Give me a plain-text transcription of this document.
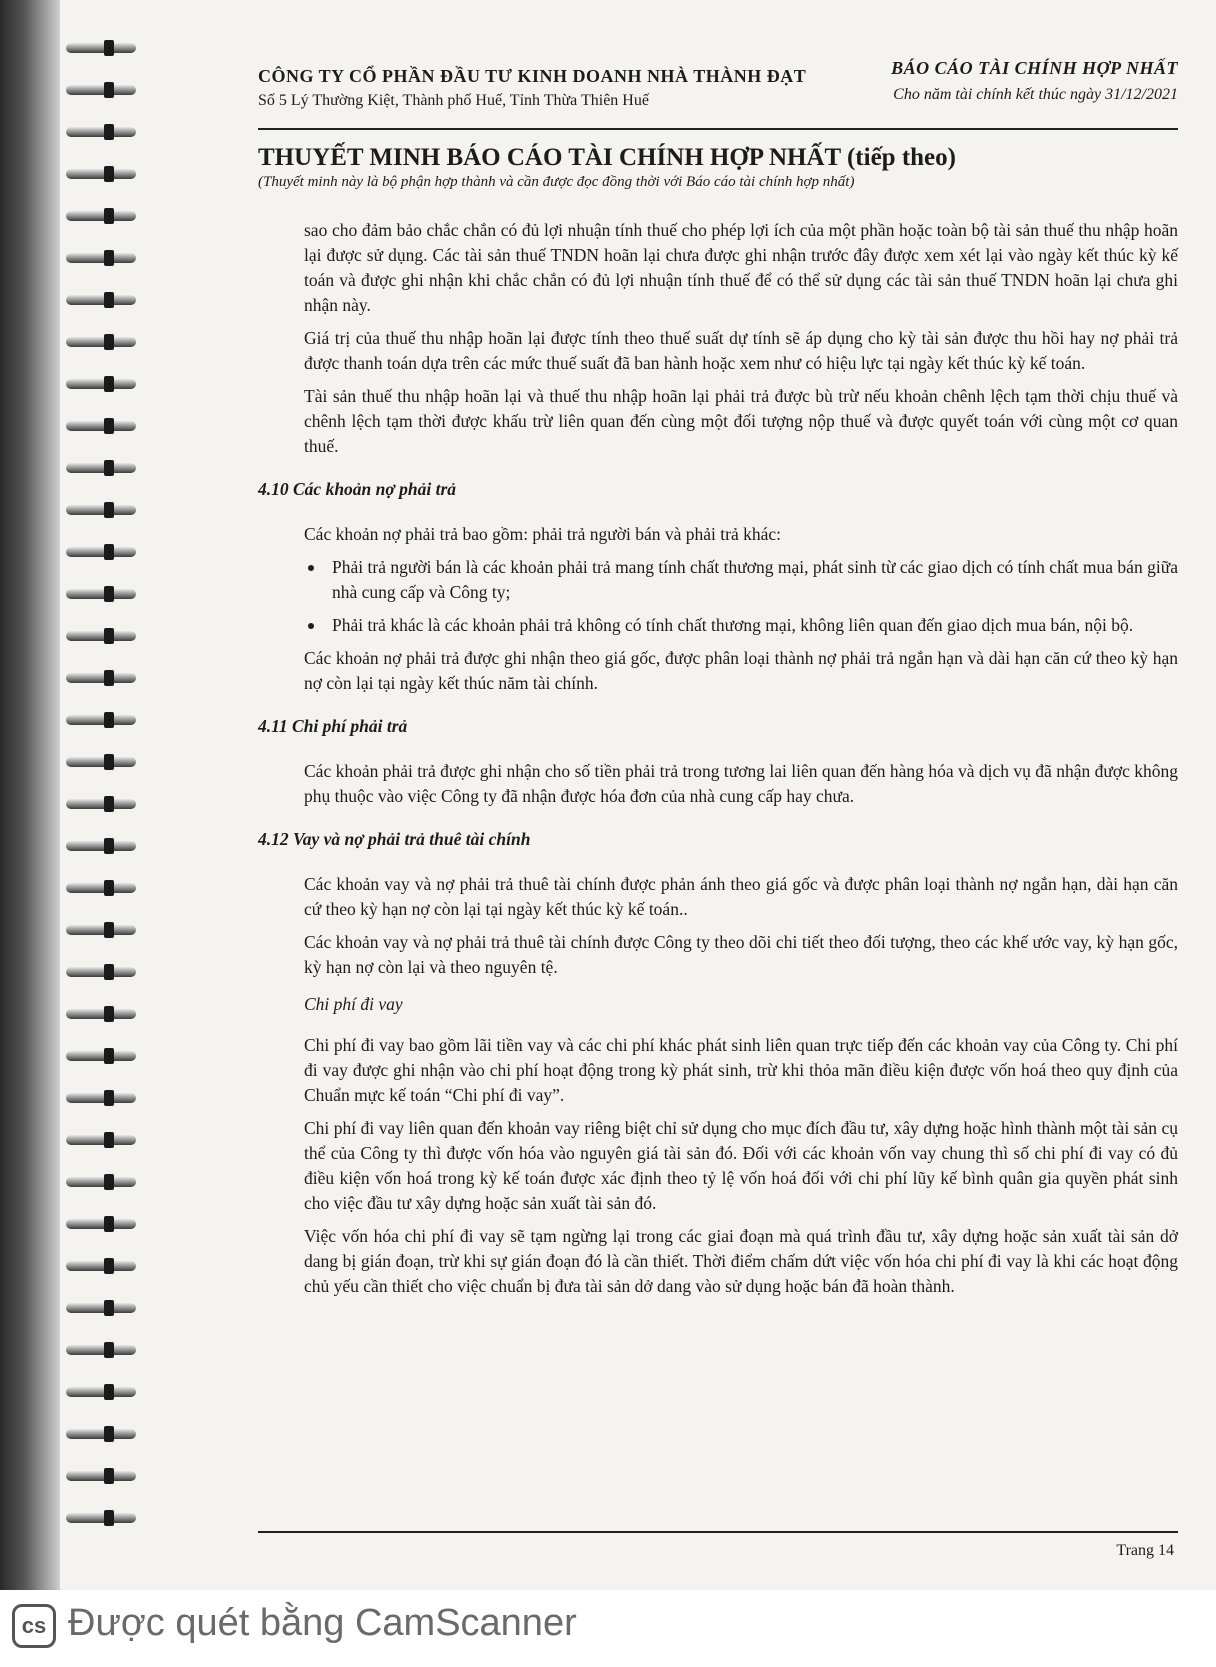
CÔNG TY CỔ PHẦN ĐẦU TƯ KINH DOANH NHÀ THÀNH ĐẠT
Số 5 Lý Thường Kiệt, Thành phố Huế, Tỉnh Thừa Thiên Huế
BÁO CÁO TÀI CHÍNH HỢP NHẤT
Cho năm tài chính kết thúc ngày 31/12/2021
THUYẾT MINH BÁO CÁO TÀI CHÍNH HỢP NHẤT (tiếp theo)
(Thuyết minh này là bộ phận hợp thành và cần được đọc đồng thời với Báo cáo tài chính hợp nhất)

sao cho đảm bảo chắc chắn có đủ lợi nhuận tính thuế cho phép lợi ích của một phần hoặc toàn bộ tài sản thuế thu nhập hoãn lại được sử dụng. Các tài sản thuế TNDN hoãn lại chưa được ghi nhận trước đây được xem xét lại vào ngày kết thúc kỳ kế toán và được ghi nhận khi chắc chắn có đủ lợi nhuận tính thuế để có thể sử dụng các tài sản thuế TNDN hoãn lại chưa ghi nhận này.

Giá trị của thuế thu nhập hoãn lại được tính theo thuế suất dự tính sẽ áp dụng cho kỳ tài sản được thu hồi hay nợ phải trả được thanh toán dựa trên các mức thuế suất đã ban hành hoặc xem như có hiệu lực tại ngày kết thúc kỳ kế toán.

Tài sản thuế thu nhập hoãn lại và thuế thu nhập hoãn lại phải trả được bù trừ nếu khoản chênh lệch tạm thời chịu thuế và chênh lệch tạm thời được khấu trừ liên quan đến cùng một đối tượng nộp thuế và được quyết toán với cùng một cơ quan thuế.

4.10 Các khoản nợ phải trả

Các khoản nợ phải trả bao gồm: phải trả người bán và phải trả khác:

Phải trả người bán là các khoản phải trả mang tính chất thương mại, phát sinh từ các giao dịch có tính chất mua bán giữa nhà cung cấp và Công ty;
Phải trả khác là các khoản phải trả không có tính chất thương mại, không liên quan đến giao dịch mua bán, nội bộ.

Các khoản nợ phải trả được ghi nhận theo giá gốc, được phân loại thành nợ phải trả ngắn hạn và dài hạn căn cứ theo kỳ hạn nợ còn lại tại ngày kết thúc năm tài chính.

4.11 Chi phí phải trả

Các khoản phải trả được ghi nhận cho số tiền phải trả trong tương lai liên quan đến hàng hóa và dịch vụ đã nhận được không phụ thuộc vào việc Công ty đã nhận được hóa đơn của nhà cung cấp hay chưa.

4.12 Vay và nợ phải trả thuê tài chính

Các khoản vay và nợ phải trả thuê tài chính được phản ánh theo giá gốc và được phân loại thành nợ ngắn hạn, dài hạn căn cứ theo kỳ hạn nợ còn lại tại ngày kết thúc kỳ kế toán..

Các khoản vay và nợ phải trả thuê tài chính được Công ty theo dõi chi tiết theo đối tượng, theo các khế ước vay, kỳ hạn gốc, kỳ hạn nợ còn lại và theo nguyên tệ.

Chi phí đi vay

Chi phí đi vay bao gồm lãi tiền vay và các chi phí khác phát sinh liên quan trực tiếp đến các khoản vay của Công ty. Chi phí đi vay được ghi nhận vào chi phí hoạt động trong kỳ phát sinh, trừ khi thỏa mãn điều kiện được vốn hoá theo quy định của Chuẩn mực kế toán “Chi phí đi vay”.

Chi phí đi vay liên quan đến khoản vay riêng biệt chỉ sử dụng cho mục đích đầu tư, xây dựng hoặc hình thành một tài sản cụ thể của Công ty thì được vốn hóa vào nguyên giá tài sản đó. Đối với các khoản vốn vay chung thì số chi phí đi vay có đủ điều kiện vốn hoá trong kỳ kế toán được xác định theo tỷ lệ vốn hoá đối với chi phí lũy kế bình quân gia quyền phát sinh cho việc đầu tư xây dựng hoặc sản xuất tài sản đó.

Việc vốn hóa chi phí đi vay sẽ tạm ngừng lại trong các giai đoạn mà quá trình đầu tư, xây dựng hoặc sản xuất tài sản dở dang bị gián đoạn, trừ khi sự gián đoạn đó là cần thiết. Thời điểm chấm dứt việc vốn hóa chi phí đi vay là khi các hoạt động chủ yếu cần thiết cho việc chuẩn bị đưa tài sản dở dang vào sử dụng hoặc bán đã hoàn thành.

Trang 14
cs Được quét bằng CamScanner
